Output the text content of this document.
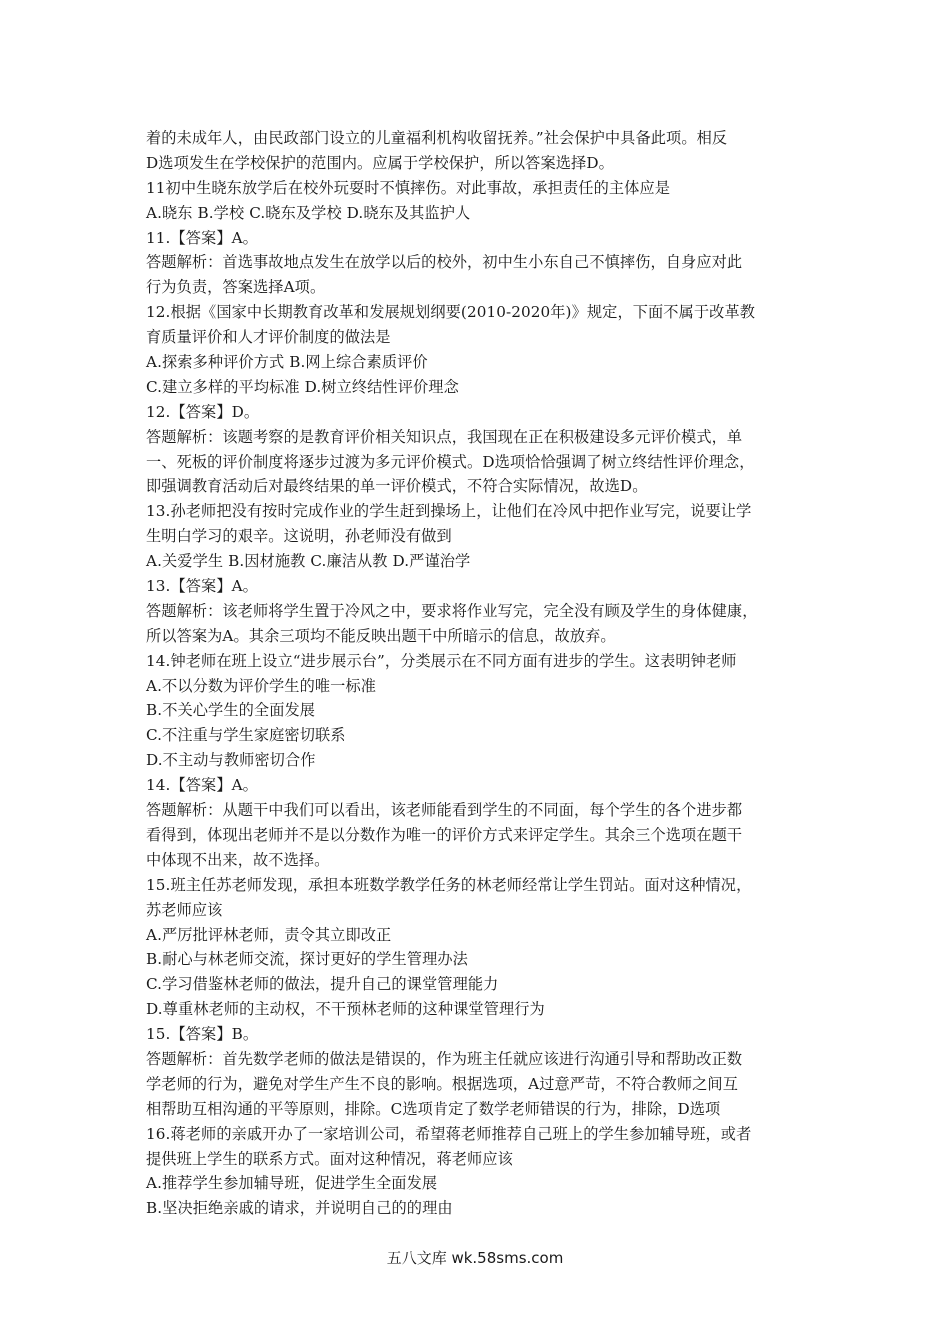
着的未成年人，由民政部门设立的儿童福利机构收留抚养。”社会保护中具备此项。相反
D选项发生在学校保护的范围内。应属于学校保护，所以答案选择D。
11初中生晓东放学后在校外玩耍时不慎摔伤。对此事故，承担责任的主体应是
A.晓东 B.学校 C.晓东及学校 D.晓东及其监护人
11.【答案】A。
答题解析：首选事故地点发生在放学以后的校外，初中生小东自己不慎摔伤，自身应对此
行为负责，答案选择A项。
12.根据《国家中长期教育改革和发展规划纲要(2010-2020年)》规定，下面不属于改革教
育质量评价和人才评价制度的做法是
A.探索多种评价方式 B.网上综合素质评价
C.建立多样的平均标准 D.树立终结性评价理念
12.【答案】D。
答题解析：该题考察的是教育评价相关知识点，我国现在正在积极建设多元评价模式，单
一、死板的评价制度将逐步过渡为多元评价模式。D选项恰恰强调了树立终结性评价理念，
即强调教育活动后对最终结果的单一评价模式，不符合实际情况，故选D。
13.孙老师把没有按时完成作业的学生赶到操场上，让他们在冷风中把作业写完，说要让学
生明白学习的艰辛。这说明，孙老师没有做到
A.关爱学生 B.因材施教 C.廉洁从教 D.严谨治学
13.【答案】A。
答题解析：该老师将学生置于冷风之中，要求将作业写完，完全没有顾及学生的身体健康，
所以答案为A。其余三项均不能反映出题干中所暗示的信息，故放弃。
14.钟老师在班上设立“进步展示台”，分类展示在不同方面有进步的学生。这表明钟老师
A.不以分数为评价学生的唯一标准
B.不关心学生的全面发展
C.不注重与学生家庭密切联系
D.不主动与教师密切合作
14.【答案】A。
答题解析：从题干中我们可以看出，该老师能看到学生的不同面，每个学生的各个进步都
看得到，体现出老师并不是以分数作为唯一的评价方式来评定学生。其余三个选项在题干
中体现不出来，故不选择。
15.班主任苏老师发现，承担本班数学教学任务的林老师经常让学生罚站。面对这种情况，
苏老师应该
A.严厉批评林老师，责令其立即改正
B.耐心与林老师交流，探讨更好的学生管理办法
C.学习借鉴林老师的做法，提升自己的课堂管理能力
D.尊重林老师的主动权，不干预林老师的这种课堂管理行为
15.【答案】B。
答题解析：首先数学老师的做法是错误的，作为班主任就应该进行沟通引导和帮助改正数
学老师的行为，避免对学生产生不良的影响。根据选项，A过意严苛，不符合教师之间互
相帮助互相沟通的平等原则，排除。C选项肯定了数学老师错误的行为，排除，D选项
16.蒋老师的亲戚开办了一家培训公司，希望蒋老师推荐自己班上的学生参加辅导班，或者
提供班上学生的联系方式。面对这种情况，蒋老师应该
A.推荐学生参加辅导班，促进学生全面发展
B.坚决拒绝亲戚的请求，并说明自己的的理由
五八文库 wk.58sms.com
